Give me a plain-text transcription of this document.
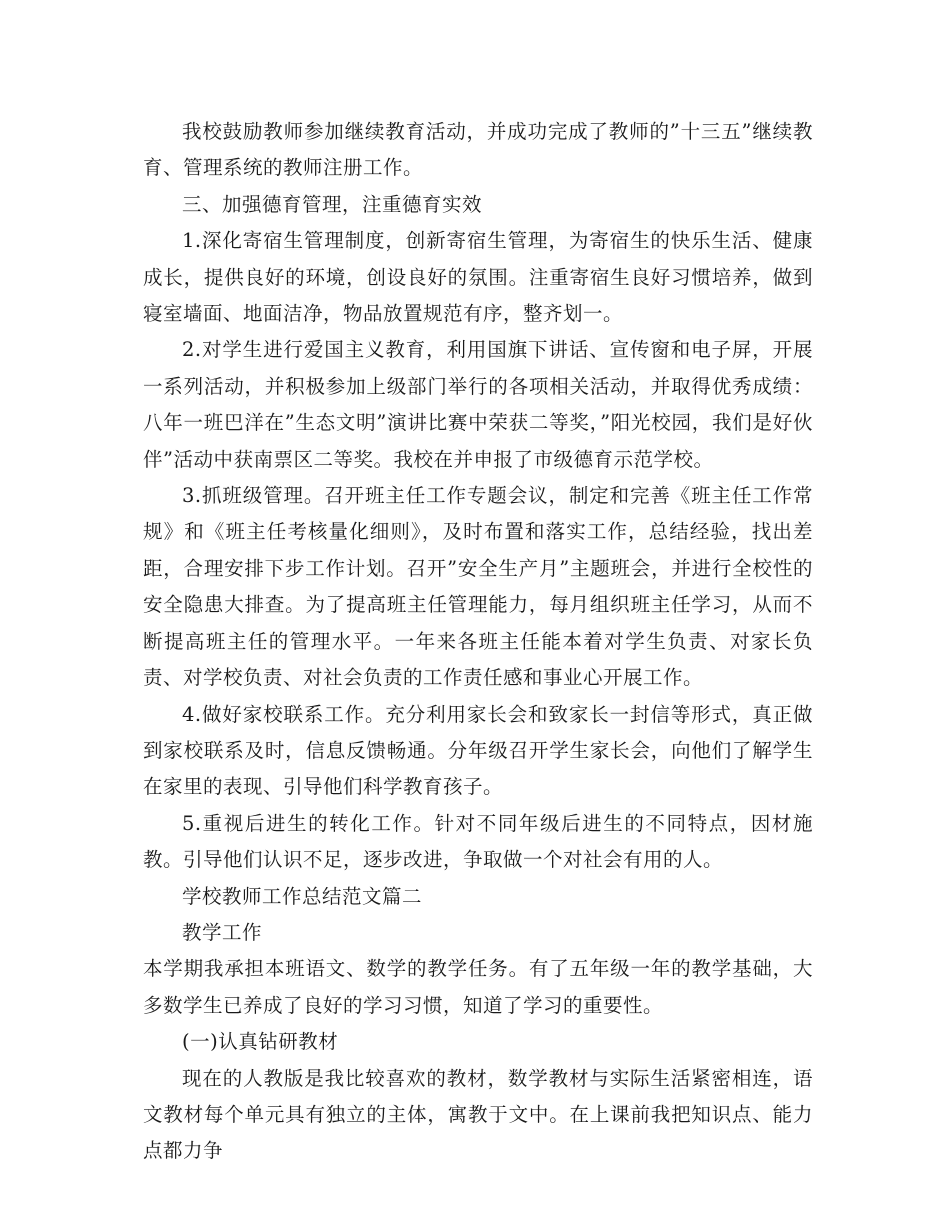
我校鼓励教师参加继续教育活动，并成功完成了教师的”十三五”继续教育、管理系统的教师注册工作。

三、加强德育管理，注重德育实效

1.深化寄宿生管理制度，创新寄宿生管理，为寄宿生的快乐生活、健康成长，提供良好的环境，创设良好的氛围。注重寄宿生良好习惯培养，做到寝室墙面、地面洁净，物品放置规范有序，整齐划一。

2.对学生进行爱国主义教育，利用国旗下讲话、宣传窗和电子屏，开展一系列活动，并积极参加上级部门举行的各项相关活动，并取得优秀成绩：八年一班巴洋在”生态文明”演讲比赛中荣获二等奖，”阳光校园，我们是好伙伴”活动中获南票区二等奖。我校在并申报了市级德育示范学校。

3.抓班级管理。召开班主任工作专题会议，制定和完善《班主任工作常规》和《班主任考核量化细则》，及时布置和落实工作，总结经验，找出差距，合理安排下步工作计划。召开”安全生产月”主题班会，并进行全校性的安全隐患大排查。为了提高班主任管理能力，每月组织班主任学习，从而不断提高班主任的管理水平。一年来各班主任能本着对学生负责、对家长负责、对学校负责、对社会负责的工作责任感和事业心开展工作。

4.做好家校联系工作。充分利用家长会和致家长一封信等形式，真正做到家校联系及时，信息反馈畅通。分年级召开学生家长会，向他们了解学生在家里的表现、引导他们科学教育孩子。

5.重视后进生的转化工作。针对不同年级后进生的不同特点，因材施教。引导他们认识不足，逐步改进，争取做一个对社会有用的人。

学校教师工作总结范文篇二

教学工作

本学期我承担本班语文、数学的教学任务。有了五年级一年的教学基础，大多数学生已养成了良好的学习习惯，知道了学习的重要性。

(一)认真钻研教材

现在的人教版是我比较喜欢的教材，数学教材与实际生活紧密相连，语文教材每个单元具有独立的主体，寓教于文中。在上课前我把知识点、能力点都力争
